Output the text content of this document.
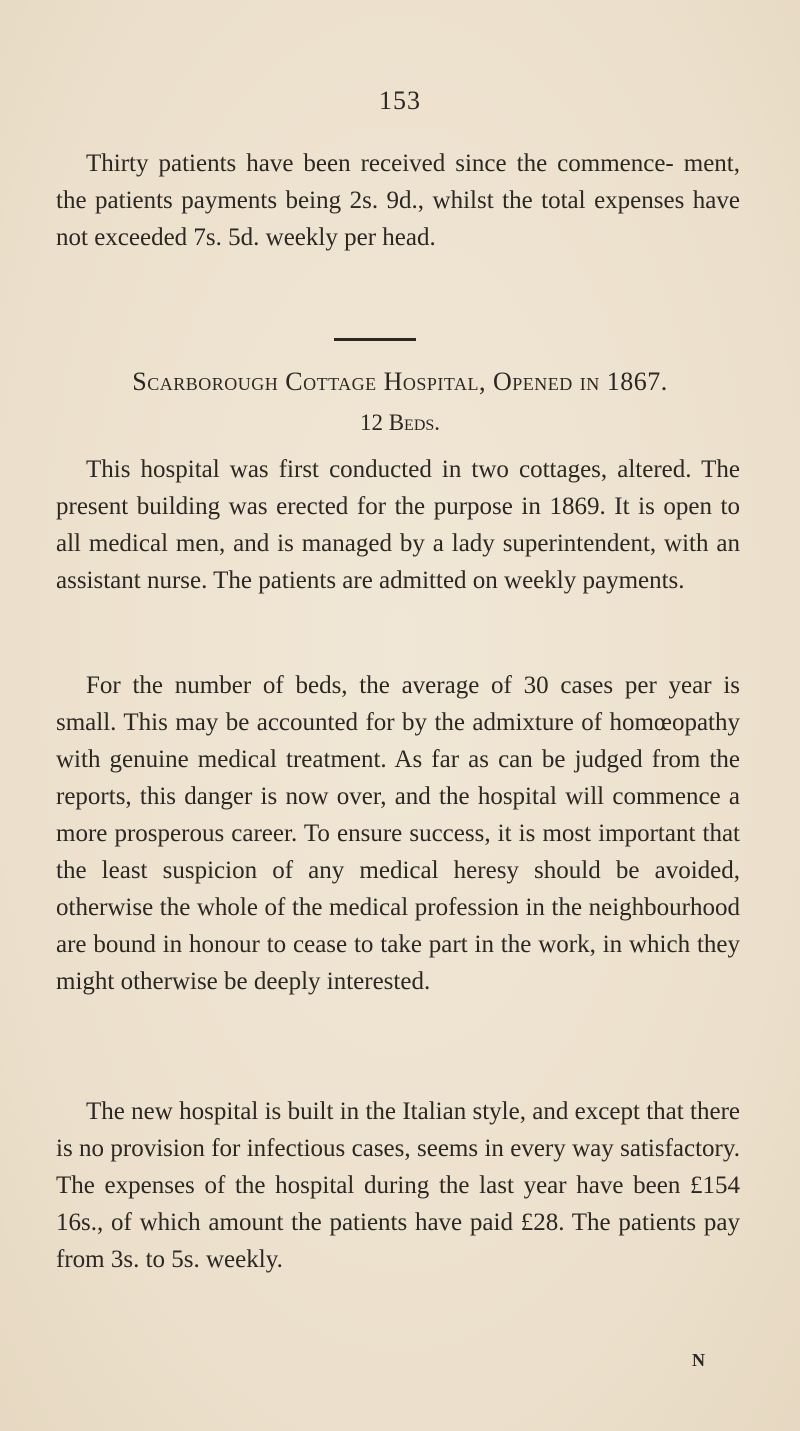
153

Thirty patients have been received since the commence- ment, the patients payments being 2s. 9d., whilst the total expenses have not exceeded 7s. 5d. weekly per head.

Scarborough Cottage Hospital, Opened in 1867.
12 Beds.

This hospital was first conducted in two cottages, altered. The present building was erected for the purpose in 1869. It is open to all medical men, and is managed by a lady superintendent, with an assistant nurse. The patients are admitted on weekly payments.

For the number of beds, the average of 30 cases per year is small. This may be accounted for by the admixture of homœopathy with genuine medical treatment. As far as can be judged from the reports, this danger is now over, and the hospital will commence a more prosperous career. To ensure success, it is most important that the least suspicion of any medical heresy should be avoided, otherwise the whole of the medical profession in the neighbourhood are bound in honour to cease to take part in the work, in which they might otherwise be deeply interested.

The new hospital is built in the Italian style, and except that there is no provision for infectious cases, seems in every way satisfactory. The expenses of the hospital during the last year have been £154 16s., of which amount the patients have paid £28. The patients pay from 3s. to 5s. weekly.

N
